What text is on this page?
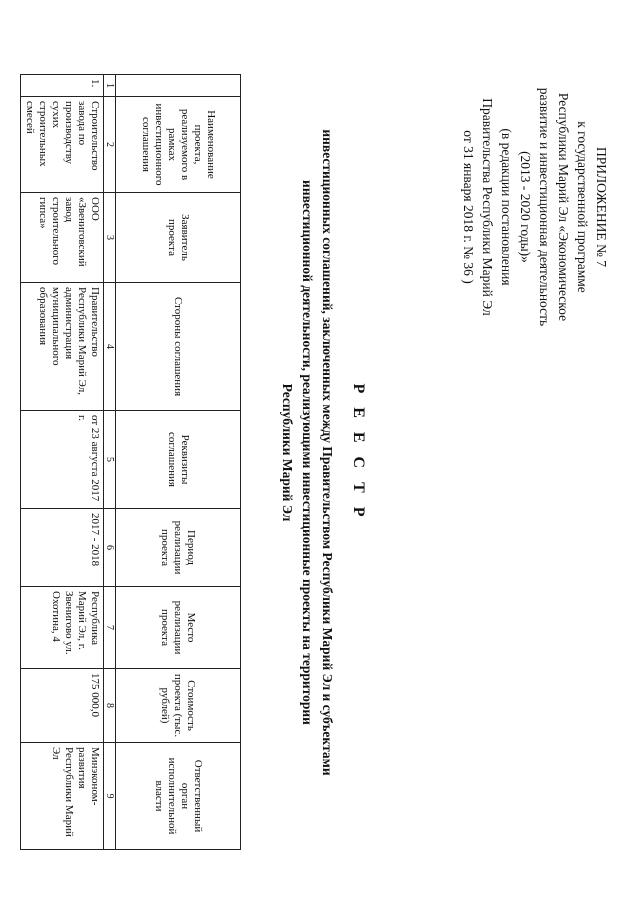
ПРИЛОЖЕНИЕ № 7
к государственной программе
Республики Марий Эл «Экономическое
развитие и инвестиционная деятельность
(2013 - 2020 годы)»
(в редакции постановления
Правительства Республики Марий Эл
от 31 января 2018 г. № 36 )
Р Е Е С Т Р
инвестиционных соглашений, заключенных между Правительством Республики Марий Эл и субъектами
инвестиционной деятельности, реализующими инвестиционные проекты на территории
Республики Марий Эл
	Наименование проекта, реализуемого в рамках инвестиционного соглашения	Заявитель проекта	Стороны соглашения	Реквизиты соглашения	Период реализации проекта	Место реализации проекта	Стоимость проекта (тыс. рублей)	Ответственный орган исполнительной власти
1	2	3	4	5	6	7	8	9
1.	Строительство завода по производству сухих строительных смесей	ООО «Звениговский завод строительного гипса»	Правительство Республики Марий Эл, администрация муниципального образования	от 23 августа 2017 г.	2017 - 2018	Республика Марий Эл, г. Звенигово ул. Охотина, 4	175 000,0	Минэконом-развития Республики Марий Эл
